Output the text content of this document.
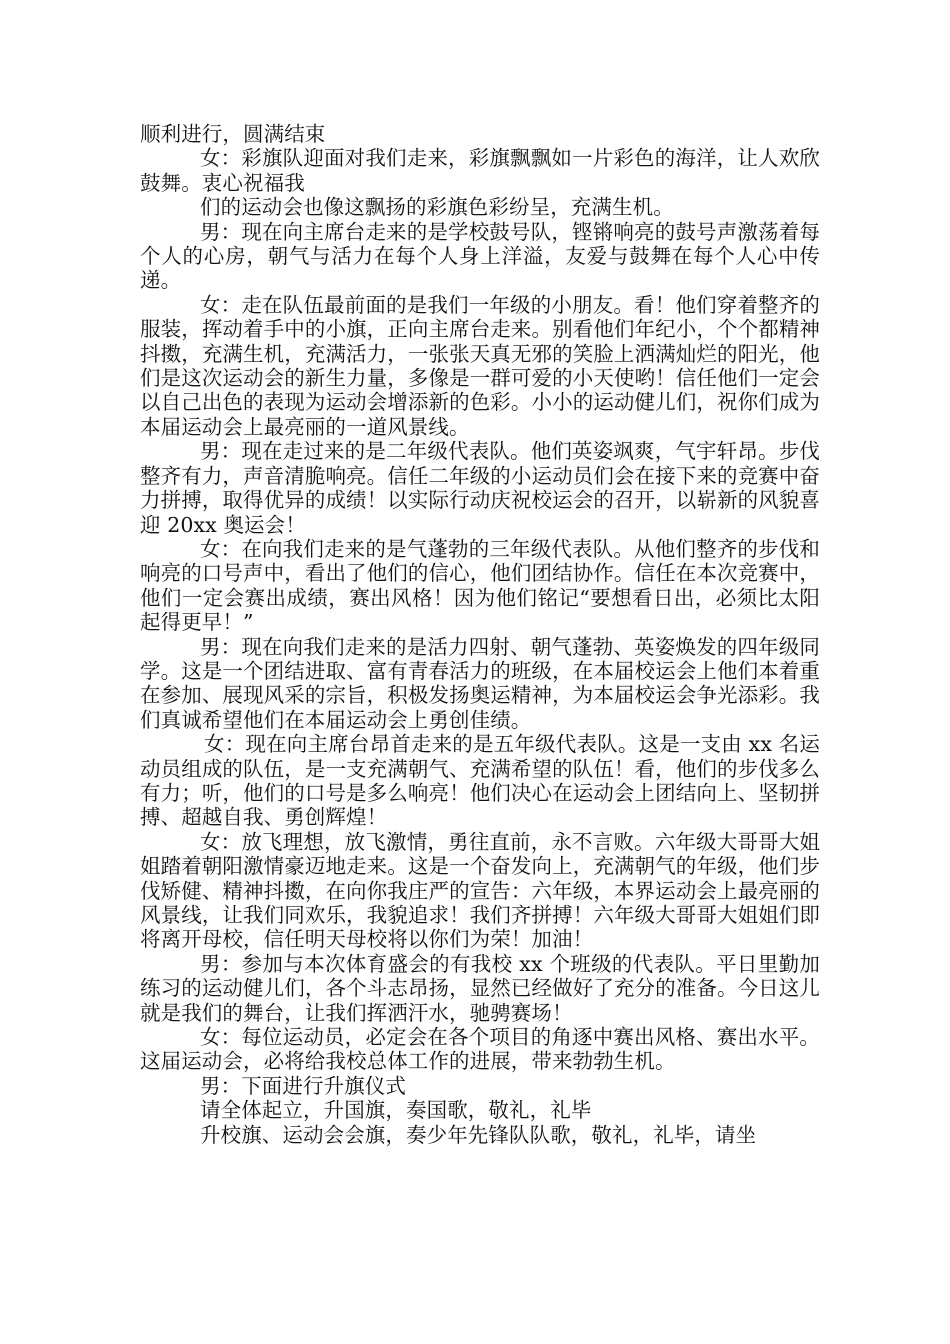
顺利进行，圆满结束

女：彩旗队迎面对我们走来，彩旗飘飘如一片彩色的海洋，让人欢欣鼓舞。衷心祝福我

们的运动会也像这飘扬的彩旗色彩纷呈，充满生机。

男：现在向主席台走来的是学校鼓号队，铿锵响亮的鼓号声激荡着每个人的心房，朝气与活力在每个人身上洋溢，友爱与鼓舞在每个人心中传递。

女：走在队伍最前面的是我们一年级的小朋友。看！他们穿着整齐的服装，挥动着手中的小旗，正向主席台走来。别看他们年纪小，个个都精神抖擞，充满生机，充满活力，一张张天真无邪的笑脸上洒满灿烂的阳光，他们是这次运动会的新生力量，多像是一群可爱的小天使哟！信任他们一定会以自己出色的表现为运动会增添新的色彩。小小的运动健儿们，祝你们成为本届运动会上最亮丽的一道风景线。

男：现在走过来的是二年级代表队。他们英姿飒爽，气宇轩昂。步伐整齐有力，声音清脆响亮。信任二年级的小运动员们会在接下来的竞赛中奋力拼搏，取得优异的成绩！以实际行动庆祝校运会的召开，以崭新的风貌喜迎 20xx 奥运会！

女：在向我们走来的是气蓬勃的三年级代表队。从他们整齐的步伐和响亮的口号声中，看出了他们的信心，他们团结协作。信任在本次竞赛中，他们一定会赛出成绩，赛出风格！因为他们铭记“要想看日出，必须比太阳起得更早！”

男：现在向我们走来的是活力四射、朝气蓬勃、英姿焕发的四年级同学。这是一个团结进取、富有青春活力的班级，在本届校运会上他们本着重在参加、展现风采的宗旨，积极发扬奥运精神，为本届校运会争光添彩。我们真诚希望他们在本届运动会上勇创佳绩。

女：现在向主席台昂首走来的是五年级代表队。这是一支由 xx 名运动员组成的队伍，是一支充满朝气、充满希望的队伍！看，他们的步伐多么有力；听，他们的口号是多么响亮！他们决心在运动会上团结向上、坚韧拼搏、超越自我、勇创辉煌！

女：放飞理想，放飞激情，勇往直前，永不言败。六年级大哥哥大姐姐踏着朝阳激情豪迈地走来。这是一个奋发向上，充满朝气的年级，他们步伐矫健、精神抖擞，在向你我庄严的宣告：六年级，本界运动会上最亮丽的风景线，让我们同欢乐，我貌追求！我们齐拼搏！六年级大哥哥大姐姐们即将离开母校，信任明天母校将以你们为荣！加油！

男：参加与本次体育盛会的有我校 xx 个班级的代表队。平日里勤加练习的运动健儿们，各个斗志昂扬，显然已经做好了充分的准备。今日这儿就是我们的舞台，让我们挥洒汗水，驰骋赛场！

女：每位运动员，必定会在各个项目的角逐中赛出风格、赛出水平。这届运动会，必将给我校总体工作的进展，带来勃勃生机。

男：下面进行升旗仪式

请全体起立，升国旗，奏国歌，敬礼，礼毕

升校旗、运动会会旗，奏少年先锋队队歌，敬礼，礼毕，请坐
